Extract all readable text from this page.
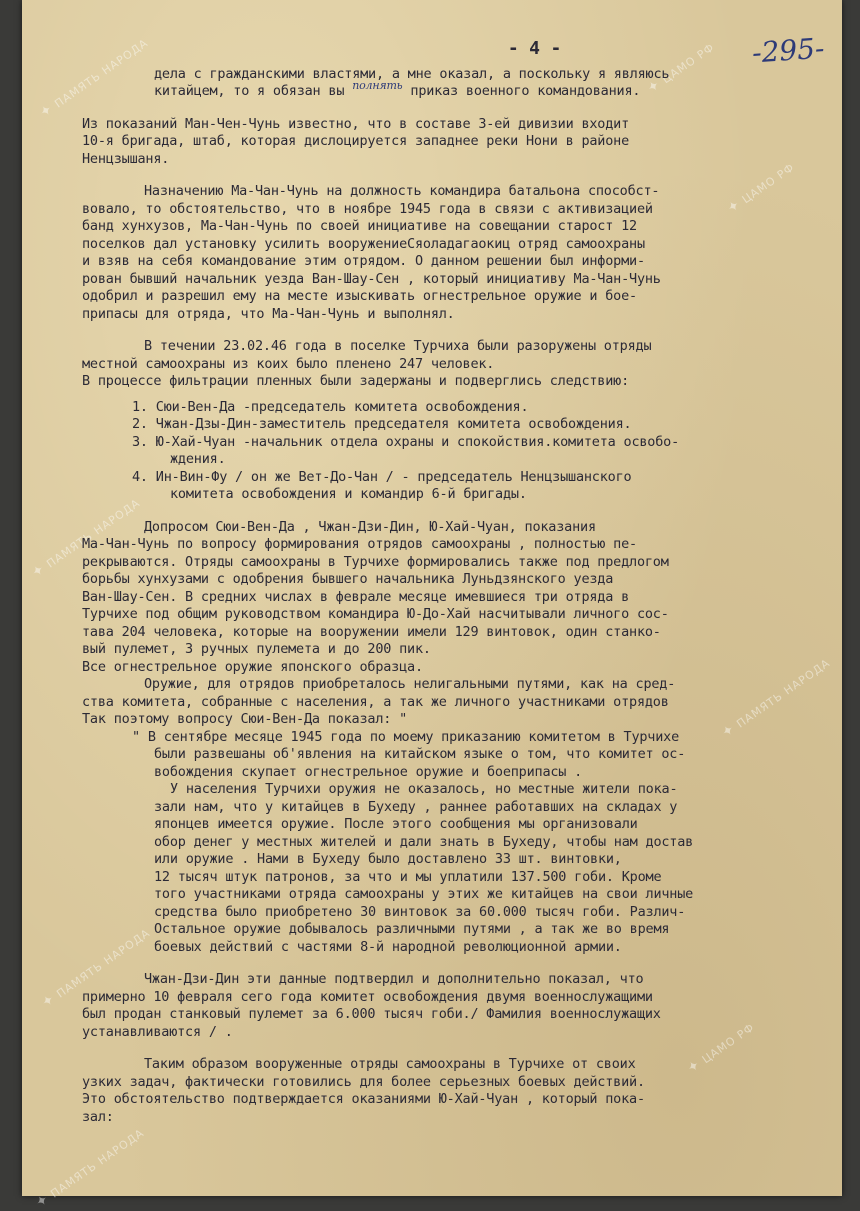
-295-
✦ ПАМЯТЬ НАРОДА	✦ ЦАМО РФ
✦ ЦАМО РФ
✦ ПАМЯТЬ НАРОДА
✦ ПАМЯТЬ НАРОДА
✦ ПАМЯТЬ НАРОДА
✦ ЦАМО РФ
✦ ПАМЯТЬ НАРОДА
- 4 -
дела с гражданскими властями, а мне оказал, а поскольку я являюсь
китайцем, то я обязан вы $^{полнять}$ приказ военного командования.
Из показаний Ман-Чен-Чунь известно, что в составе 3-ей дивизии входит
10-я бригада, штаб, которая дислоцируется западнее реки Нони в районе
Ненцзышаня.
Назначению Ма-Чан-Чунь на должность командира батальона способст-
вовало, то обстоятельство, что в ноябре 1945 года в связи с активизацией
банд хунхузов, Ма-Чан-Чунь по своей инициативе на совещании старост 12
поселков дал установку усилить вооружениеСяоладагаокиц отряд самоохраны
и взяв на себя командование этим отрядом. О данном решении был информи-
рован бывший начальник уезда Ван-Шау-Сен , который инициативу Ма-Чан-Чунь
одобрил и разрешил ему на месте изыскивать огнестрельное оружие и бое-
припасы для отряда, что Ма-Чан-Чунь и выполнял.
В течении 23.02.46 года в поселке Турчиха были разоружены отряды
местной самоохраны из коих было пленено 247 человек.
В процессе фильтрации пленных были задержаны и подверглись следствию:
1. Сюи-Вен-Да -председатель комитета освобождения.
2. Чжан-Дзы-Дин-заместитель председателя комитета освобождения.
3. Ю-Хай-Чуан -начальник отдела охраны и спокойствия.комитета освобо-
ждения.
4. Ин-Вин-Фу / он же Вет-До-Чан / - председатель Ненцзышанского
комитета освобождения и командир 6-й бригады.
Допросом Сюи-Вен-Да , Чжан-Дзи-Дин, Ю-Хай-Чуан, показания
Ма-Чан-Чунь по вопросу формирования отрядов самоохраны , полностью пе-
рекрываются. Отряды самоохраны в Турчихе формировались также под предлогом
борьбы хунхузами с одобрения бывшего начальника Луньдзянского уезда
Ван-Шау-Сен. В средних числах в феврале месяце имевшиеся три отряда в
Турчихе под общим руководством командира Ю-До-Хай насчитывали личного сос-
тава 204 человека, которые на вооружении имели 129 винтовок, один станко-
вый пулемет, 3 ручных пулемета и до 200 пик.
Все огнестрельное оружие японского образца.
Оружие, для отрядов приобреталось нелигальными путями, как на сред-
ства комитета, собранные с населения, а так же личного участниками отрядов
Так поэтому вопросу Сюи-Вен-Да показал: "
" В сентябре месяце 1945 года по моему приказанию комитетом в Турчихе
были развешаны об'явления на китайском языке о том, что комитет ос-
вобождения скупает огнестрельное оружие и боеприпасы .
У населения Турчихи оружия не оказалось, но местные жители пока-
зали нам, что у китайцев в Бухеду , раннее работавших на складах у
японцев имеется оружие. После этого сообщения мы организовали
обор денег у местных жителей и дали знать в Бухеду, чтобы нам достав
или оружие . Нами в Бухеду было доставлено 33 шт. винтовки,
12 тысяч штук патронов, за что и мы уплатили 137.500 гоби. Кроме
того участниками отряда самоохраны у этих же китайцев на свои личные
средства было приобретено 30 винтовок за 60.000 тысяч гоби. Различ-
Остальное оружие добывалось различными путями , а так же во время
боевых действий с частями 8-й народной революционной армии.
Чжан-Дзи-Дин эти данные подтвердил и дополнительно показал, что
примерно 10 февраля сего года комитет освобождения двумя военнослужащими
был продан станковый пулемет за 6.000 тысяч гоби./ Фамилия военнослужащих
устанавливаются / .
Таким образом вооруженные отряды самоохраны в Турчихе от своих
узких задач, фактически готовились для более серьезных боевых действий.
Это обстоятельство подтверждается оказаниями Ю-Хай-Чуан , который пока-
зал:
